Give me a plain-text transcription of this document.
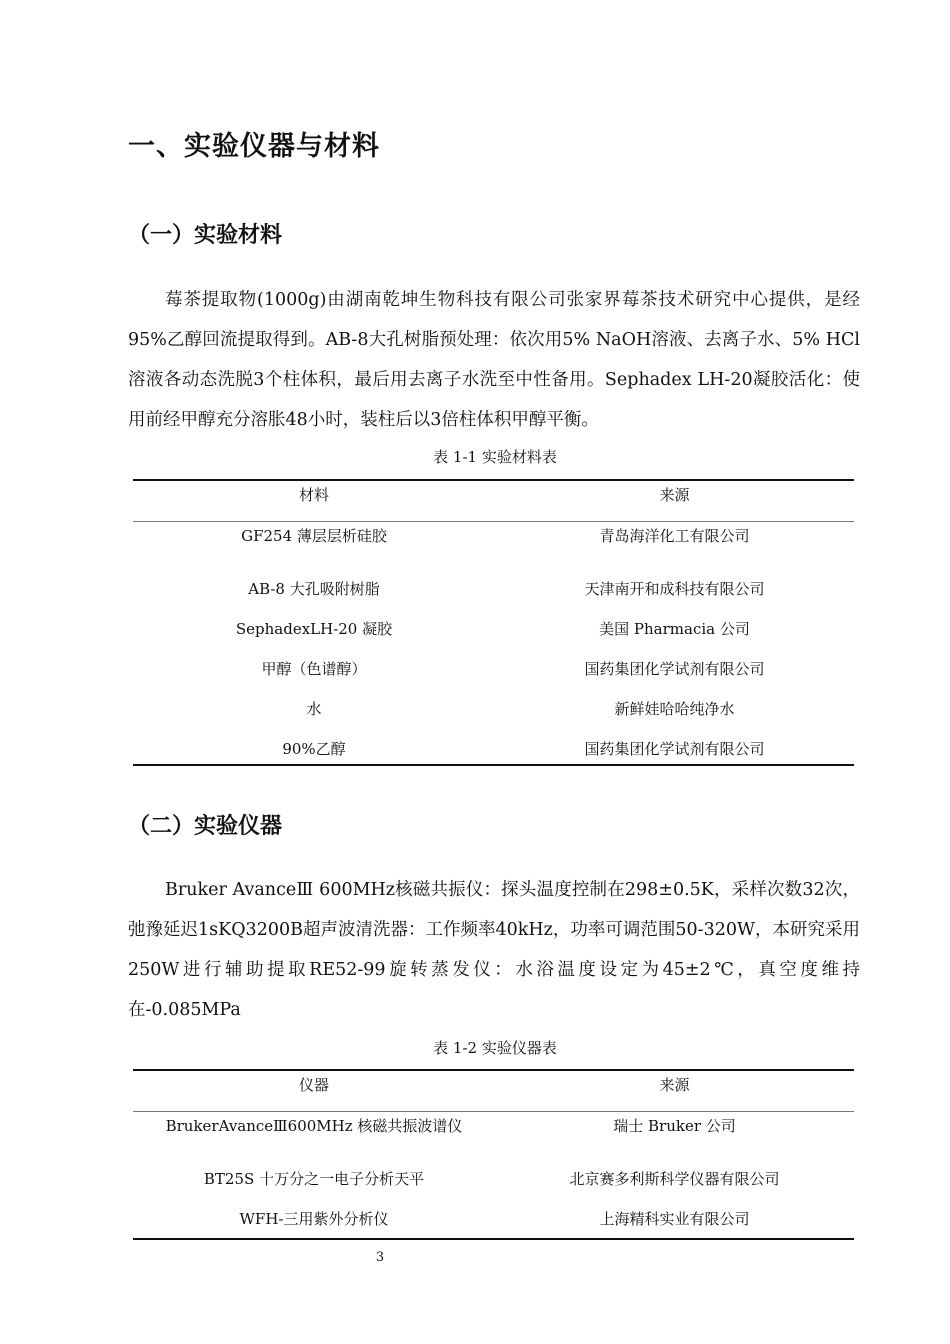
一、实验仪器与材料
（一）实验材料

莓茶提取物(1000g)由湖南乾坤生物科技有限公司张家界莓茶技术研究中心提供，是经95%乙醇回流提取得到。AB-8大孔树脂预处理：依次用5% NaOH溶液、去离子水、5% HCl溶液各动态洗脱3个柱体积，最后用去离子水洗至中性备用。Sephadex LH-20凝胶活化：使用前经甲醇充分溶胀48小时，装柱后以3倍柱体积甲醇平衡。

表 1-1 实验材料表
材料	来源
GF254 薄层层析硅胶	青岛海洋化工有限公司
AB-8 大孔吸附树脂	天津南开和成科技有限公司
SephadexLH-20 凝胶	美国 Pharmacia 公司
甲醇（色谱醇）	国药集团化学试剂有限公司
水	新鲜娃哈哈纯净水
90%乙醇	国药集团化学试剂有限公司
（二）实验仪器

Bruker AvanceⅢ 600MHz核磁共振仪：探头温度控制在298±0.5K，采样次数32次，弛豫延迟1sKQ3200B超声波清洗器：工作频率40kHz，功率可调范围50-320W，本研究采用250W进行辅助提取RE52-99旋转蒸发仪：水浴温度设定为45±2℃，真空度维持在-0.085MPa

表 1-2 实验仪器表
仪器	来源
BrukerAvanceⅢ600MHz 核磁共振波谱仪	瑞士 Bruker 公司
BT25S 十万分之一电子分析天平	北京赛多利斯科学仪器有限公司
WFH-三用紫外分析仪	上海精科实业有限公司
3
